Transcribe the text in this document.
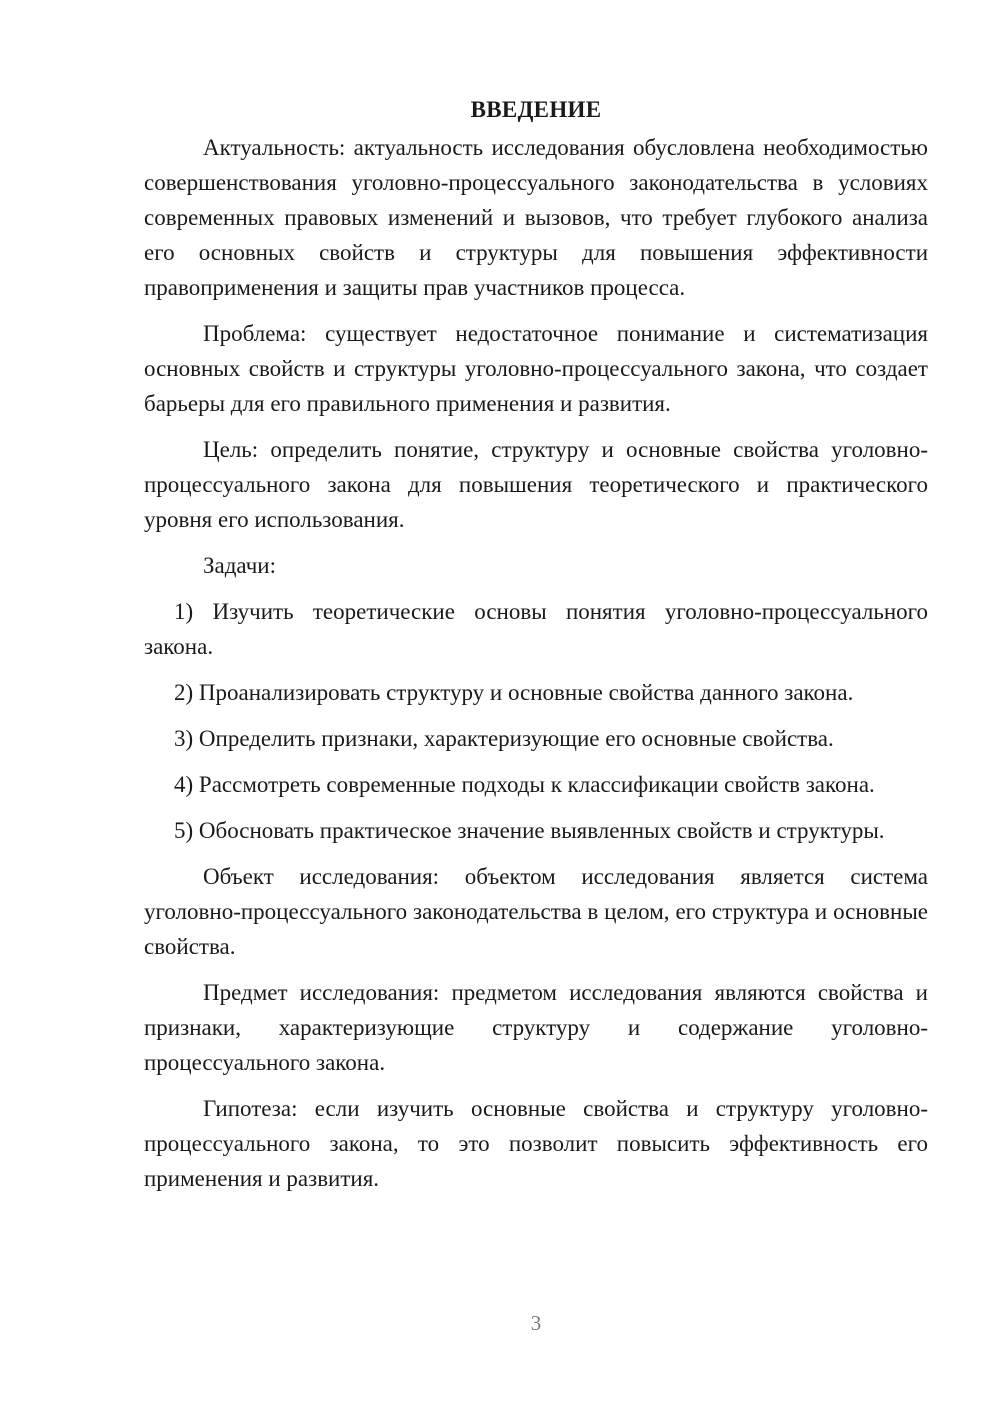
ВВЕДЕНИЕ

Актуальность: актуальность исследования обусловлена необходимостью совершенствования уголовно-процессуального законодательства в условиях современных правовых изменений и вызовов, что требует глубокого анализа его основных свойств и структуры для повышения эффективности правоприменения и защиты прав участников процесса.

Проблема: существует недостаточное понимание и систематизация основных свойств и структуры уголовно-процессуального закона, что создает барьеры для его правильного применения и развития.

Цель: определить понятие, структуру и основные свойства уголовно-процессуального закона для повышения теоретического и практического уровня его использования.

Задачи:

1) Изучить теоретические основы понятия уголовно-процессуального закона.

2) Проанализировать структуру и основные свойства данного закона.

3) Определить признаки, характеризующие его основные свойства.

4) Рассмотреть современные подходы к классификации свойств закона.

5) Обосновать практическое значение выявленных свойств и структуры.

Объект исследования: объектом исследования является система уголовно-процессуального законодательства в целом, его структура и основные свойства.

Предмет исследования: предметом исследования являются свойства и признаки, характеризующие структуру и содержание уголовно-процессуального закона.

Гипотеза: если изучить основные свойства и структуру уголовно-процессуального закона, то это позволит повысить эффективность его применения и развития.

3
